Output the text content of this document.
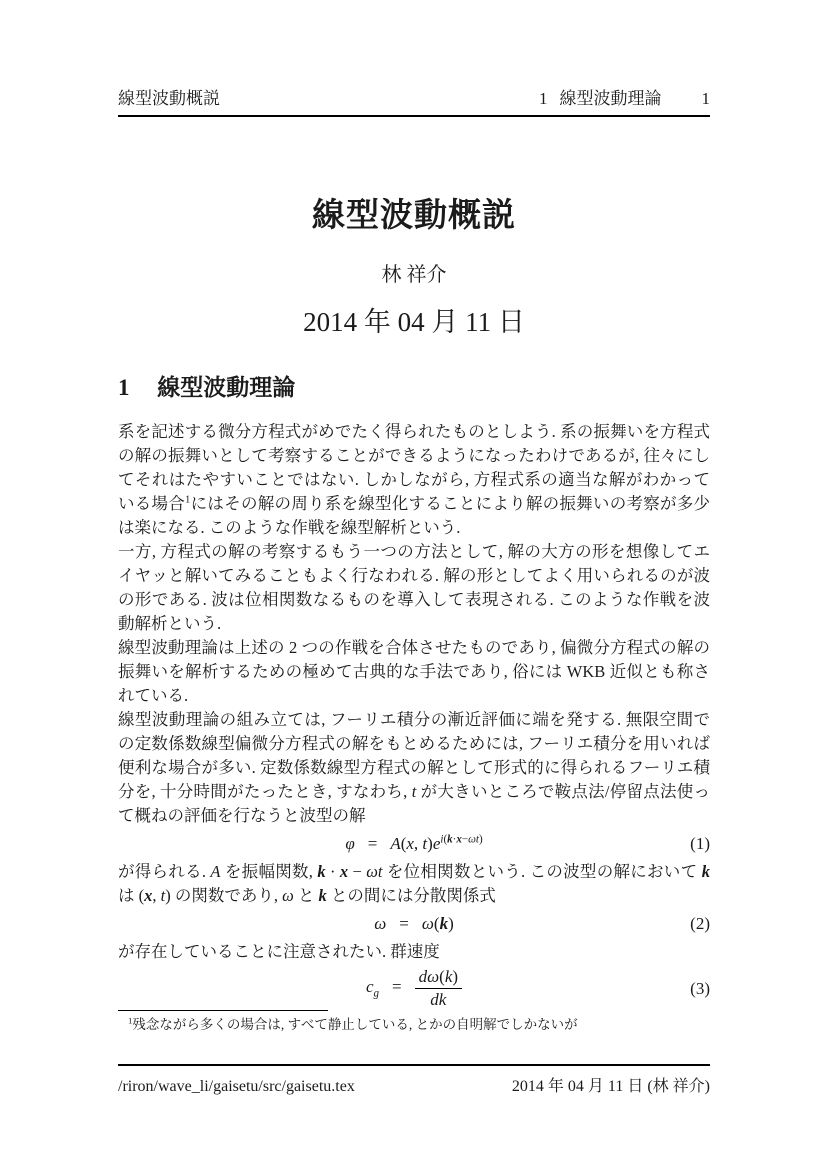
線型波動概説	1 線型波動理論 1
線型波動概説
林 祥介
2014 年 04 月 11 日
1 線型波動理論

系を記述する微分方程式がめでたく得られたものとしよう. 系の振舞いを方程式の解の振舞いとして考察することができるようになったわけであるが, 往々にしてそれはたやすいことではない. しかしながら, 方程式系の適当な解がわかっている場合$^1$にはその解の周り系を線型化することにより解の振舞いの考察が多少は楽になる. このような作戦を線型解析という.

一方, 方程式の解の考察するもう一つの方法として, 解の大方の形を想像してエイヤッと解いてみることもよく行なわれる. 解の形としてよく用いられるのが波の形である. 波は位相関数なるものを導入して表現される. このような作戦を波動解析という.

線型波動理論は上述の 2 つの作戦を合体させたものであり, 偏微分方程式の解の振舞いを解析するための極めて古典的な手法であり, 俗には WKB 近似とも称されている.

線型波動理論の組み立ては, フーリエ積分の漸近評価に端を発する. 無限空間での定数係数線型偏微分方程式の解をもとめるためには, フーリエ積分を用いれば便利な場合が多い. 定数係数線型方程式の解として形式的に得られるフーリエ積分を, 十分時間がたったとき, すなわち, t が大きいところで鞍点法/停留点法使って概ねの評価を行なうと波型の解

φ = A(x, $t)e^{i(k\cdot x-\omega t)}$	(1)

が得られる. A を振幅関数, k · x − ωt を位相関数という. この波型の解において k は (x, t) の関数であり, ω と k との間には分散関係式

ω = ω(k)	(2)

が存在していることに注意されたい. 群速度

$c_g = \frac{d\omega(k)}{dk}$	(3)
$^1$残念ながら多くの場合は, すべて静止している, とかの自明解でしかないが
/riron/wave_li/gaisetu/src/gaisetu.tex	2014 年 04 月 11 日 (林 祥介)
